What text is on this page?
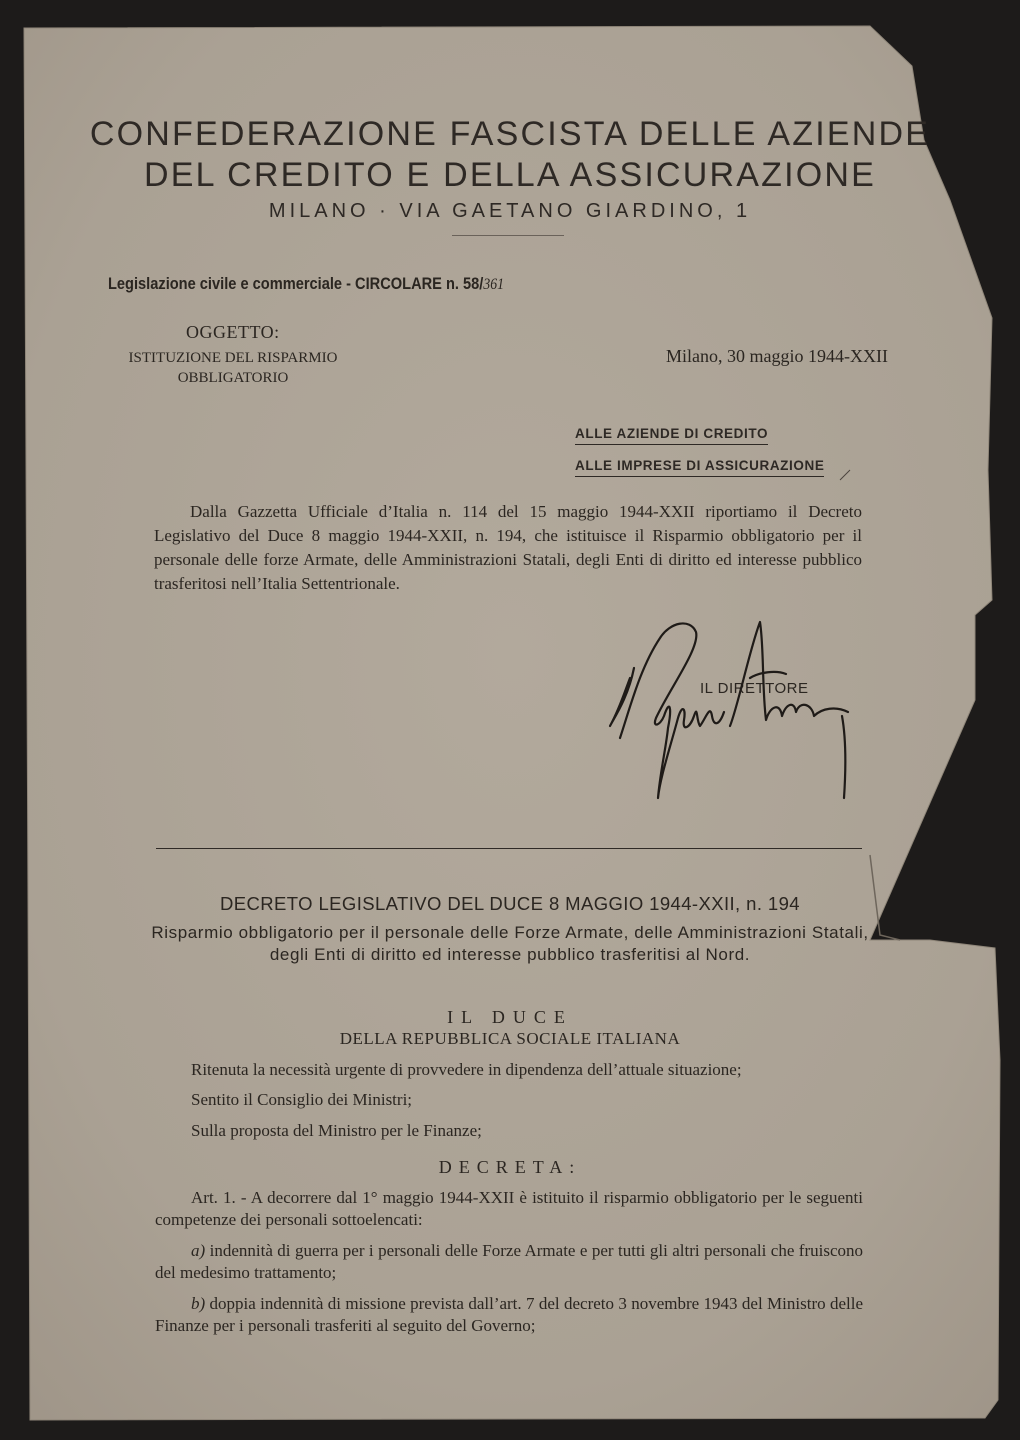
CONFEDERAZIONE FASCISTA DELLE AZIENDE
DEL CREDITO E DELLA ASSICURAZIONE
MILANO · VIA GAETANO GIARDINO, 1
Legislazione civile e commerciale - CIRCOLARE n. 58/361
OGGETTO:
ISTITUZIONE DEL RISPARMIO OBBLIGATORIO
Milano, 30 maggio 1944-XXII
ALLE AZIENDE DI CREDITO
ALLE IMPRESE DI ASSICURAZIONE

Dalla Gazzetta Ufficiale d’Italia n. 114 del 15 maggio 1944-XXII riportiamo il Decreto Legislativo del Duce 8 maggio 1944-XXII, n. 194, che istituisce il Risparmio obbligatorio per il personale delle forze Armate, delle Amministrazioni Statali, degli Enti di diritto ed interesse pubblico trasferitosi nell’Italia Settentrionale.

IL DIRETTORE
DECRETO LEGISLATIVO DEL DUCE 8 MAGGIO 1944-XXII, n. 194
Risparmio obbligatorio per il personale delle Forze Armate, delle Amministrazioni Statali, degli Enti di diritto ed interesse pubblico trasferitisi al Nord.
IL DUCE
DELLA REPUBBLICA SOCIALE ITALIANA
Ritenuta la necessità urgente di provvedere in dipendenza dell’attuale situazione;
Sentito il Consiglio dei Ministri;
Sulla proposta del Ministro per le Finanze;
DECRETA:

Art. 1. - A decorrere dal 1° maggio 1944-XXII è istituito il risparmio obbligatorio per le seguenti competenze dei personali sottoelencati:

a) indennità di guerra per i personali delle Forze Armate e per tutti gli altri personali che fruiscono del medesimo trattamento;

b) doppia indennità di missione prevista dall’art. 7 del decreto 3 novembre 1943 del Ministro delle Finanze per i personali trasferiti al seguito del Governo;
